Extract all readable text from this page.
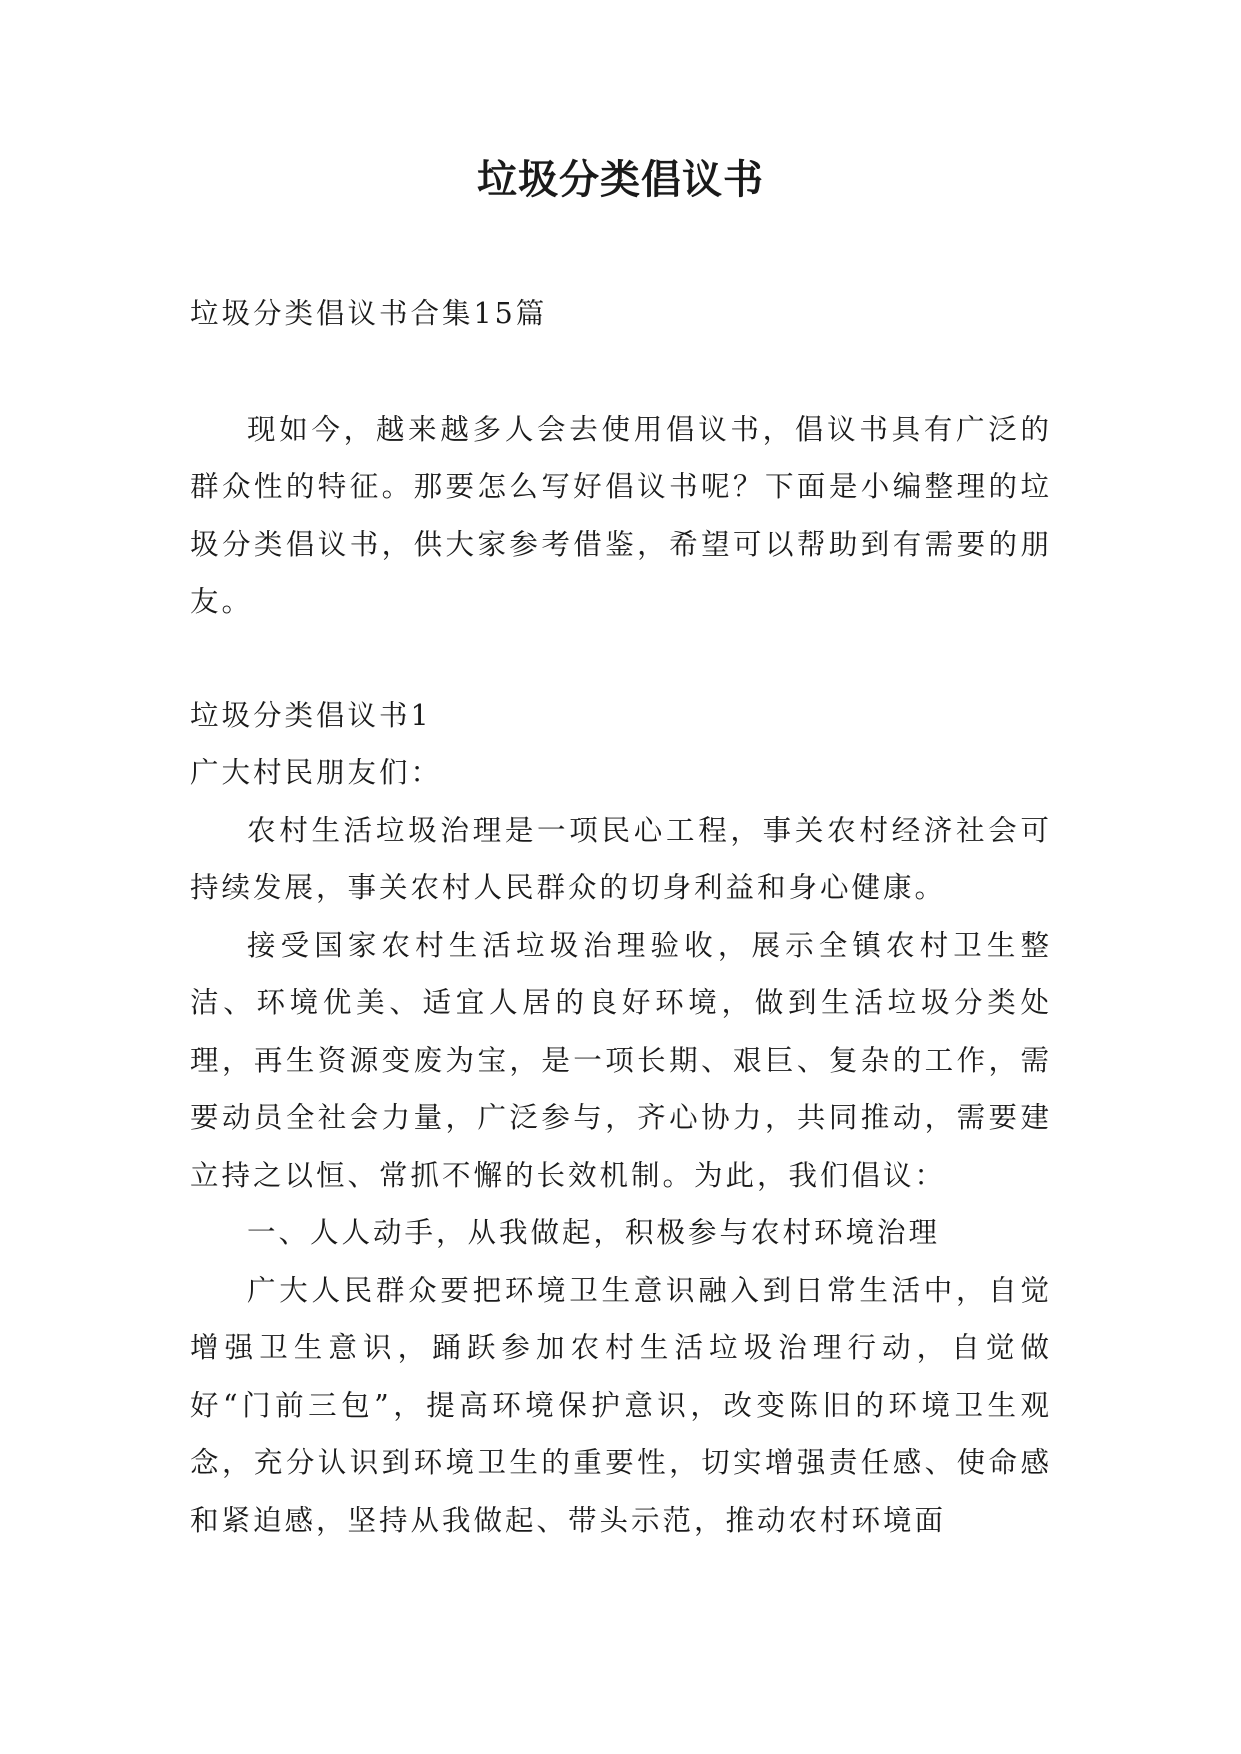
垃圾分类倡议书

垃圾分类倡议书合集15篇

现如今，越来越多人会去使用倡议书，倡议书具有广泛的群众性的特征。那要怎么写好倡议书呢？下面是小编整理的垃圾分类倡议书，供大家参考借鉴，希望可以帮助到有需要的朋友。

垃圾分类倡议书1

广大村民朋友们：

农村生活垃圾治理是一项民心工程，事关农村经济社会可持续发展，事关农村人民群众的切身利益和身心健康。

接受国家农村生活垃圾治理验收，展示全镇农村卫生整洁、环境优美、适宜人居的良好环境，做到生活垃圾分类处理，再生资源变废为宝，是一项长期、艰巨、复杂的工作，需要动员全社会力量，广泛参与，齐心协力，共同推动，需要建立持之以恒、常抓不懈的长效机制。为此，我们倡议：

一、人人动手，从我做起，积极参与农村环境治理

广大人民群众要把环境卫生意识融入到日常生活中，自觉增强卫生意识，踊跃参加农村生活垃圾治理行动，自觉做好“门前三包”，提高环境保护意识，改变陈旧的环境卫生观念，充分认识到环境卫生的重要性，切实增强责任感、使命感和紧迫感，坚持从我做起、带头示范，推动农村环境面
